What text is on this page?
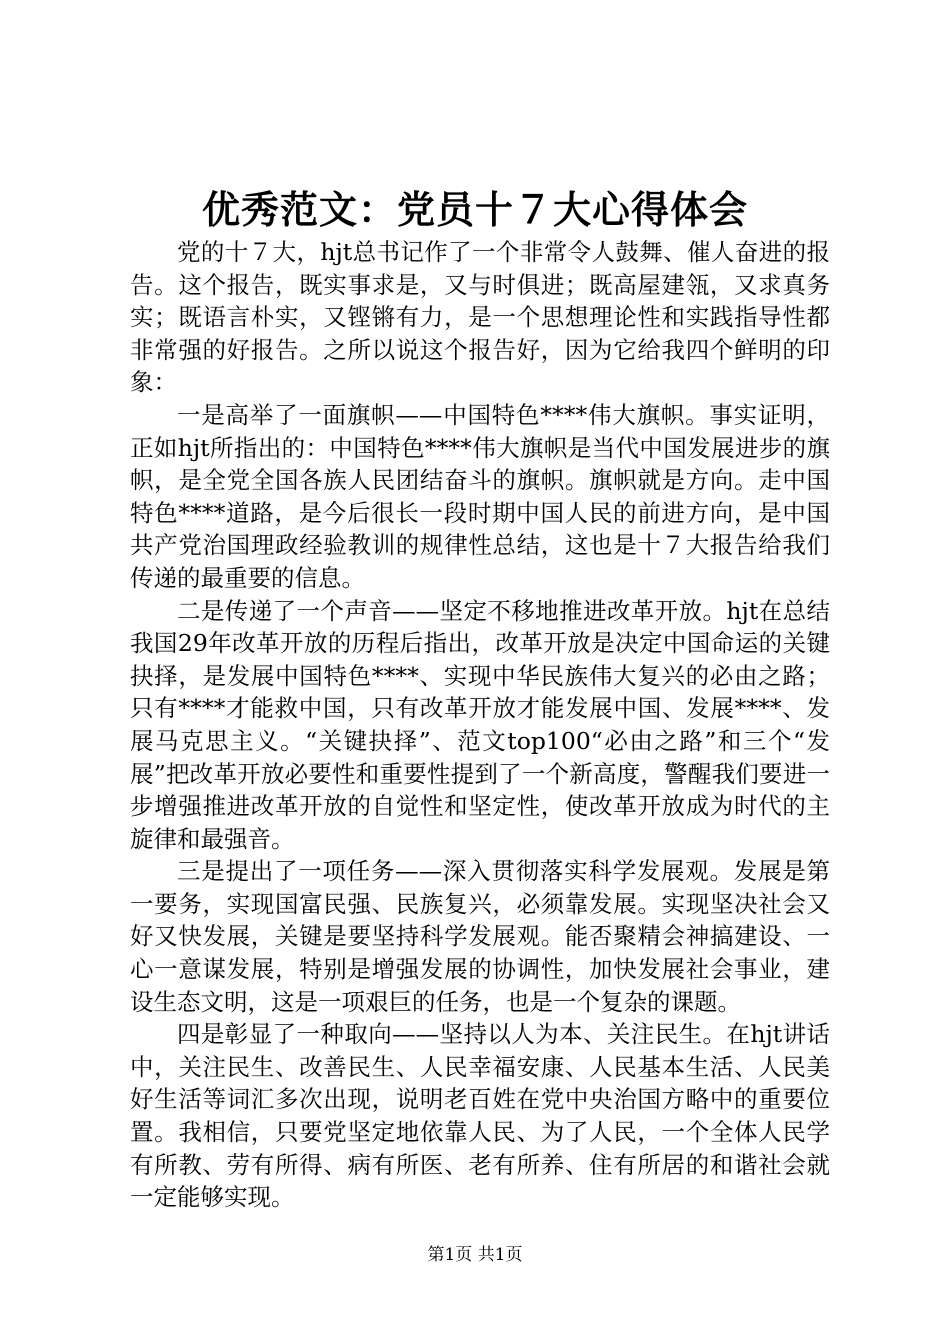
优秀范文：党员十７大心得体会

党的十７大，hjt总书记作了一个非常令人鼓舞、催人奋进的报告。这个报告，既实事求是，又与时俱进；既高屋建瓴，又求真务实；既语言朴实，又铿锵有力，是一个思想理论性和实践指导性都非常强的好报告。之所以说这个报告好，因为它给我四个鲜明的印象：

一是高举了一面旗帜——中国特色****伟大旗帜。事实证明，正如hjt所指出的：中国特色****伟大旗帜是当代中国发展进步的旗帜，是全党全国各族人民团结奋斗的旗帜。旗帜就是方向。走中国特色****道路，是今后很长一段时期中国人民的前进方向，是中国共产党治国理政经验教训的规律性总结，这也是十７大报告给我们传递的最重要的信息。

二是传递了一个声音——坚定不移地推进改革开放。hjt在总结我国29年改革开放的历程后指出，改革开放是决定中国命运的关键抉择，是发展中国特色****、实现中华民族伟大复兴的必由之路；只有****才能救中国，只有改革开放才能发展中国、发展****、发展马克思主义。“关键抉择”、范文top100“必由之路”和三个“发展”把改革开放必要性和重要性提到了一个新高度，警醒我们要进一步增强推进改革开放的自觉性和坚定性，使改革开放成为时代的主旋律和最强音。

三是提出了一项任务——深入贯彻落实科学发展观。发展是第一要务，实现国富民强、民族复兴，必须靠发展。实现坚决社会又好又快发展，关键是要坚持科学发展观。能否聚精会神搞建设、一心一意谋发展，特别是增强发展的协调性，加快发展社会事业，建设生态文明，这是一项艰巨的任务，也是一个复杂的课题。

四是彰显了一种取向——坚持以人为本、关注民生。在hjt讲话中，关注民生、改善民生、人民幸福安康、人民基本生活、人民美好生活等词汇多次出现，说明老百姓在党中央治国方略中的重要位置。我相信，只要党坚定地依靠人民、为了人民，一个全体人民学有所教、劳有所得、病有所医、老有所养、住有所居的和谐社会就一定能够实现。

第1页 共1页
